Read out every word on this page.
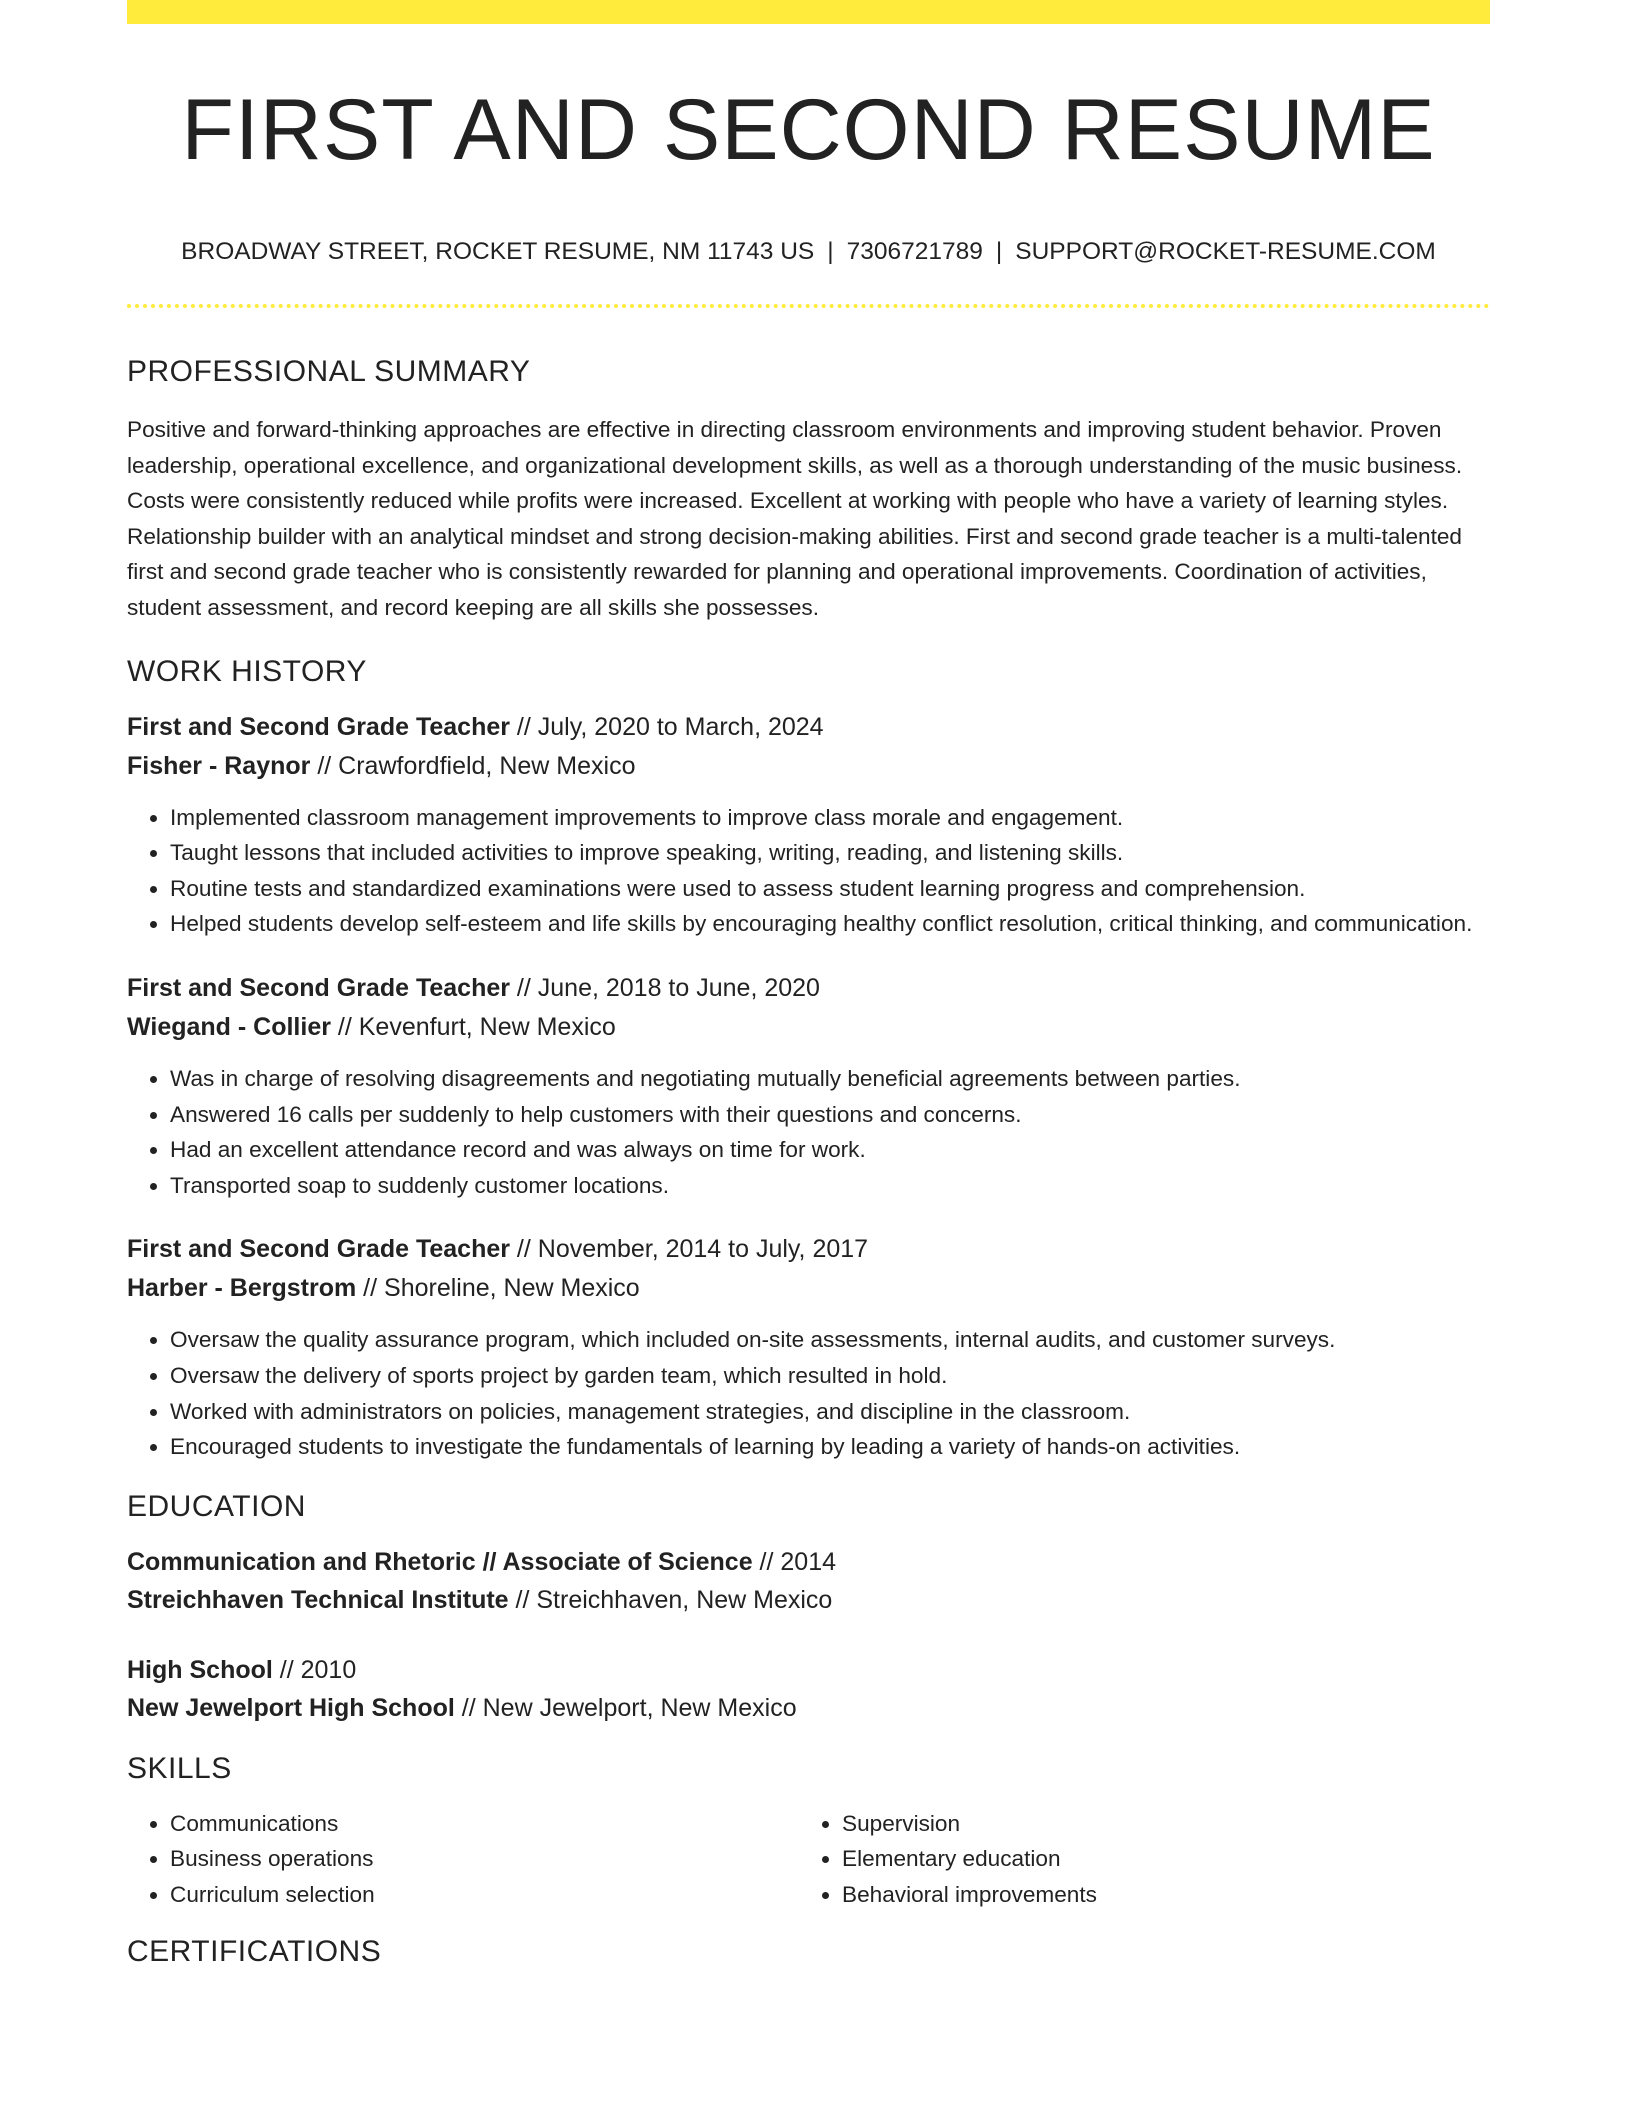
FIRST AND SECOND RESUME
BROADWAY STREET, ROCKET RESUME, NM 11743 US | 7306721789 | SUPPORT@ROCKET-RESUME.COM
PROFESSIONAL SUMMARY

Positive and forward-thinking approaches are effective in directing classroom environments and improving student behavior. Proven leadership, operational excellence, and organizational development skills, as well as a thorough understanding of the music business. Costs were consistently reduced while profits were increased. Excellent at working with people who have a variety of learning styles. Relationship builder with an analytical mindset and strong decision-making abilities. First and second grade teacher is a multi-talented first and second grade teacher who is consistently rewarded for planning and operational improvements. Coordination of activities, student assessment, and record keeping are all skills she possesses.

WORK HISTORY
First and Second Grade Teacher // July, 2020 to March, 2024
Fisher - Raynor // Crawfordfield, New Mexico
• Implemented classroom management improvements to improve class morale and engagement.
• Taught lessons that included activities to improve speaking, writing, reading, and listening skills.
• Routine tests and standardized examinations were used to assess student learning progress and comprehension.
• Helped students develop self-esteem and life skills by encouraging healthy conflict resolution, critical thinking, and communication.
First and Second Grade Teacher // June, 2018 to June, 2020
Wiegand - Collier // Kevenfurt, New Mexico
• Was in charge of resolving disagreements and negotiating mutually beneficial agreements between parties.
• Answered 16 calls per suddenly to help customers with their questions and concerns.
• Had an excellent attendance record and was always on time for work.
• Transported soap to suddenly customer locations.
First and Second Grade Teacher // November, 2014 to July, 2017
Harber - Bergstrom // Shoreline, New Mexico
• Oversaw the quality assurance program, which included on-site assessments, internal audits, and customer surveys.
• Oversaw the delivery of sports project by garden team, which resulted in hold.
• Worked with administrators on policies, management strategies, and discipline in the classroom.
• Encouraged students to investigate the fundamentals of learning by leading a variety of hands-on activities.
EDUCATION
Communication and Rhetoric // Associate of Science // 2014
Streichhaven Technical Institute // Streichhaven, New Mexico
High School // 2010
New Jewelport High School // New Jewelport, New Mexico
SKILLS
• Communications
• Business operations
• Curriculum selection
• Supervision
• Elementary education
• Behavioral improvements
CERTIFICATIONS
